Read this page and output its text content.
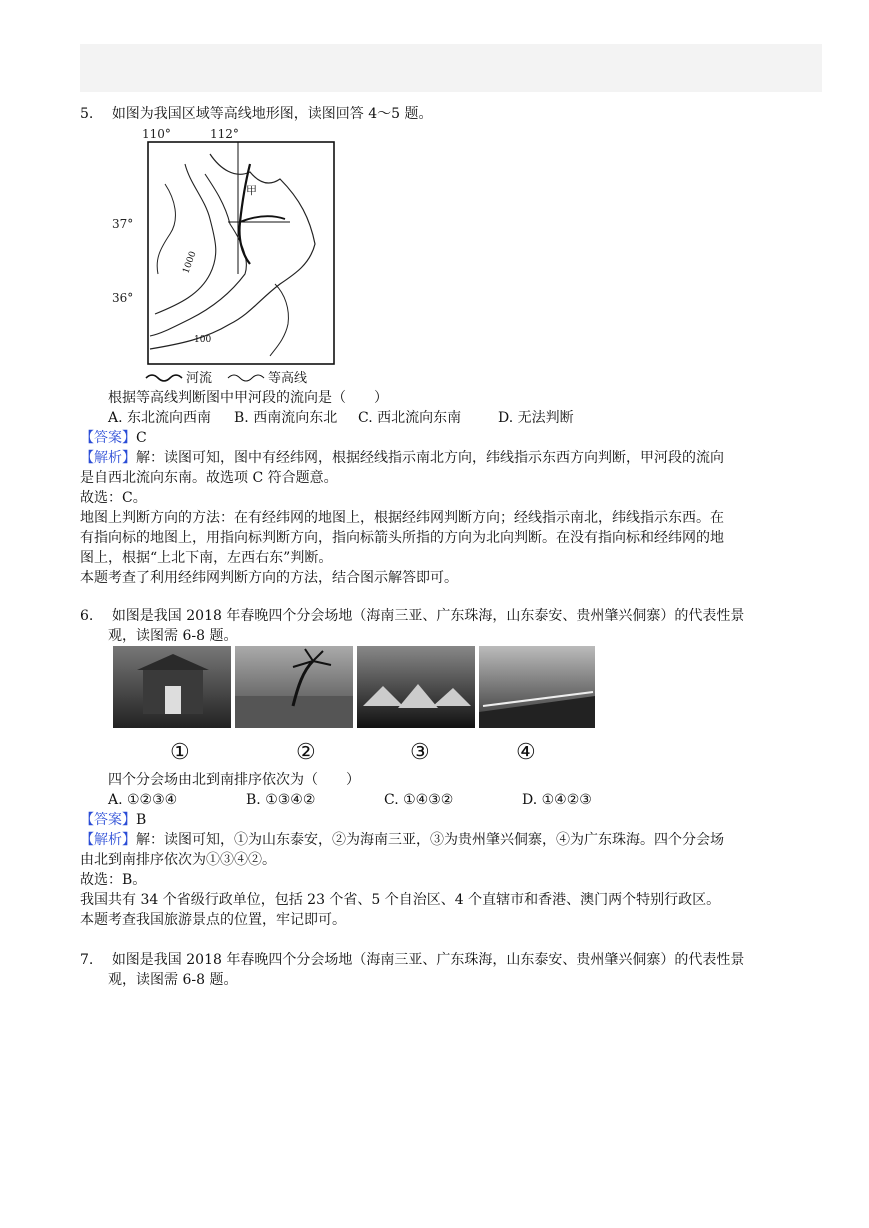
5. 如图为我国区域等高线地形图，读图回答 4～5 题。
110°	112°
37°
36°
甲
1000
100
河流	等高线
根据等高线判断图中甲河段的流向是（　　）
A. 东北流向西南 B. 西南流向东北 C. 西北流向东南	D. 无法判断
【答案】C
【解析】解：读图可知，图中有经纬网，根据经线指示南北方向，纬线指示东西方向判断，甲河段的流向
是自西北流向东南。故选项 C 符合题意。
故选：C。
地图上判断方向的方法：在有经纬网的地图上，根据经纬网判断方向；经线指示南北，纬线指示东西。在
有指向标的地图上，用指向标判断方向，指向标箭头所指的方向为北向判断。在没有指向标和经纬网的地
图上，根据“上北下南，左西右东”判断。
本题考查了利用经纬网判断方向的方法，结合图示解答即可。
6. 如图是我国 2018 年春晚四个分会场地（海南三亚、广东珠海，山东泰安、贵州肇兴侗寨）的代表性景
观，读图需 6-8 题。
①	②	③	④
四个分会场由北到南排序依次为（　　）
A. ①②③④	B. ①③④②	C. ①④③②	D. ①④②③
【答案】B
【解析】解：读图可知，①为山东泰安，②为海南三亚，③为贵州肇兴侗寨，④为广东珠海。四个分会场
由北到南排序依次为①③④②。
故选：B。
我国共有 34 个省级行政单位，包括 23 个省、5 个自治区、4 个直辖市和香港、澳门两个特别行政区。
本题考查我国旅游景点的位置，牢记即可。
7. 如图是我国 2018 年春晚四个分会场地（海南三亚、广东珠海，山东泰安、贵州肇兴侗寨）的代表性景
观，读图需 6-8 题。
